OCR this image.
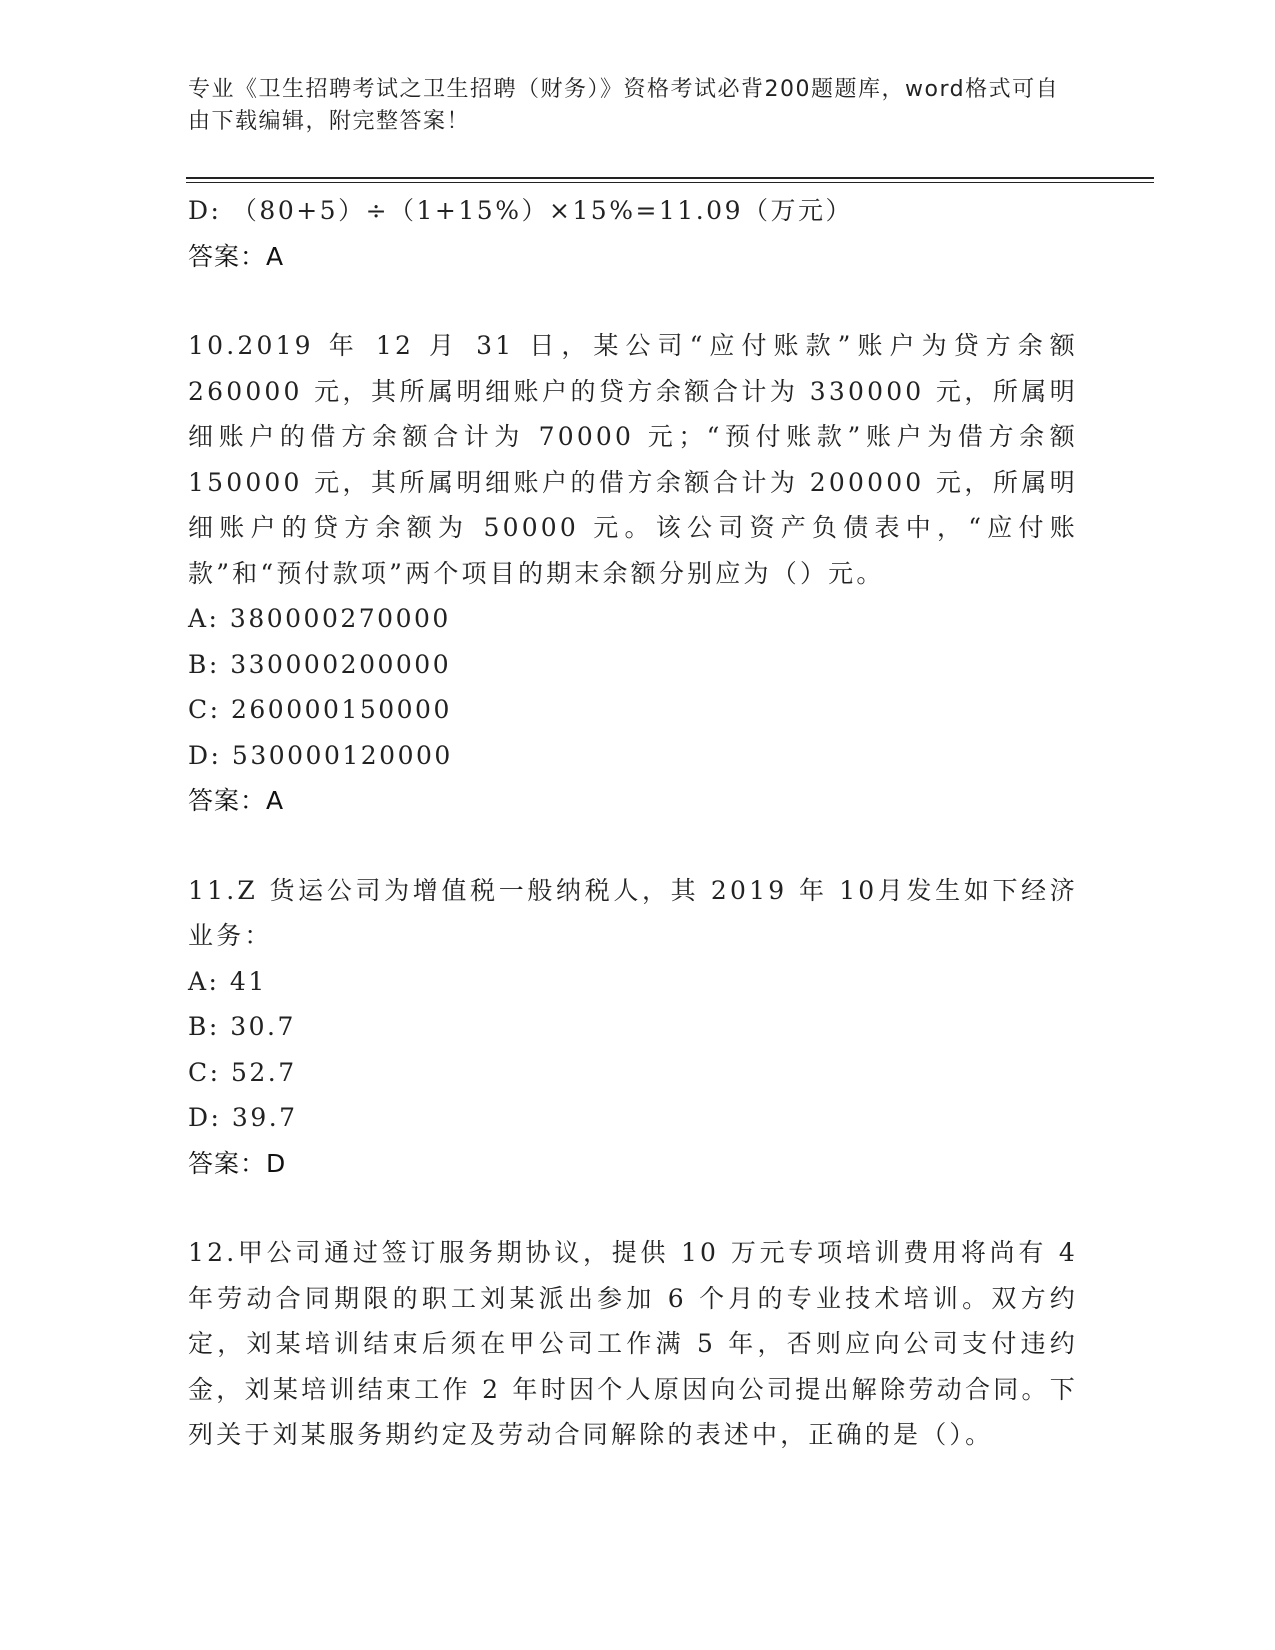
专业《卫生招聘考试之卫生招聘（财务）》资格考试必背200题题库，word格式可自由下载编辑，附完整答案！
D: （80+5）÷（1+15%）×15%=11.09（万元）
答案：A
10.2019 年 12 月 31 日，某公司“应付账款”账户为贷方余额 260000 元，其所属明细账户的贷方余额合计为 330000 元，所属明细账户的借方余额合计为 70000 元；“预付账款”账户为借方余额 150000 元，其所属明细账户的借方余额合计为 200000 元，所属明细账户的贷方余额为 50000 元。该公司资产负债表中，“应付账款”和“预付款项”两个项目的期末余额分别应为（）元。
A: 380000270000
B: 330000200000
C: 260000150000
D: 530000120000
答案：A
11.Z 货运公司为增值税一般纳税人，其 2019 年 10月发生如下经济业务：
A: 41
B: 30.7
C: 52.7
D: 39.7
答案：D
12.甲公司通过签订服务期协议，提供 10 万元专项培训费用将尚有 4 年劳动合同期限的职工刘某派出参加 6 个月的专业技术培训。双方约定，刘某培训结束后须在甲公司工作满 5 年，否则应向公司支付违约金，刘某培训结束工作 2 年时因个人原因向公司提出解除劳动合同。下列关于刘某服务期约定及劳动合同解除的表述中，正确的是（）。
